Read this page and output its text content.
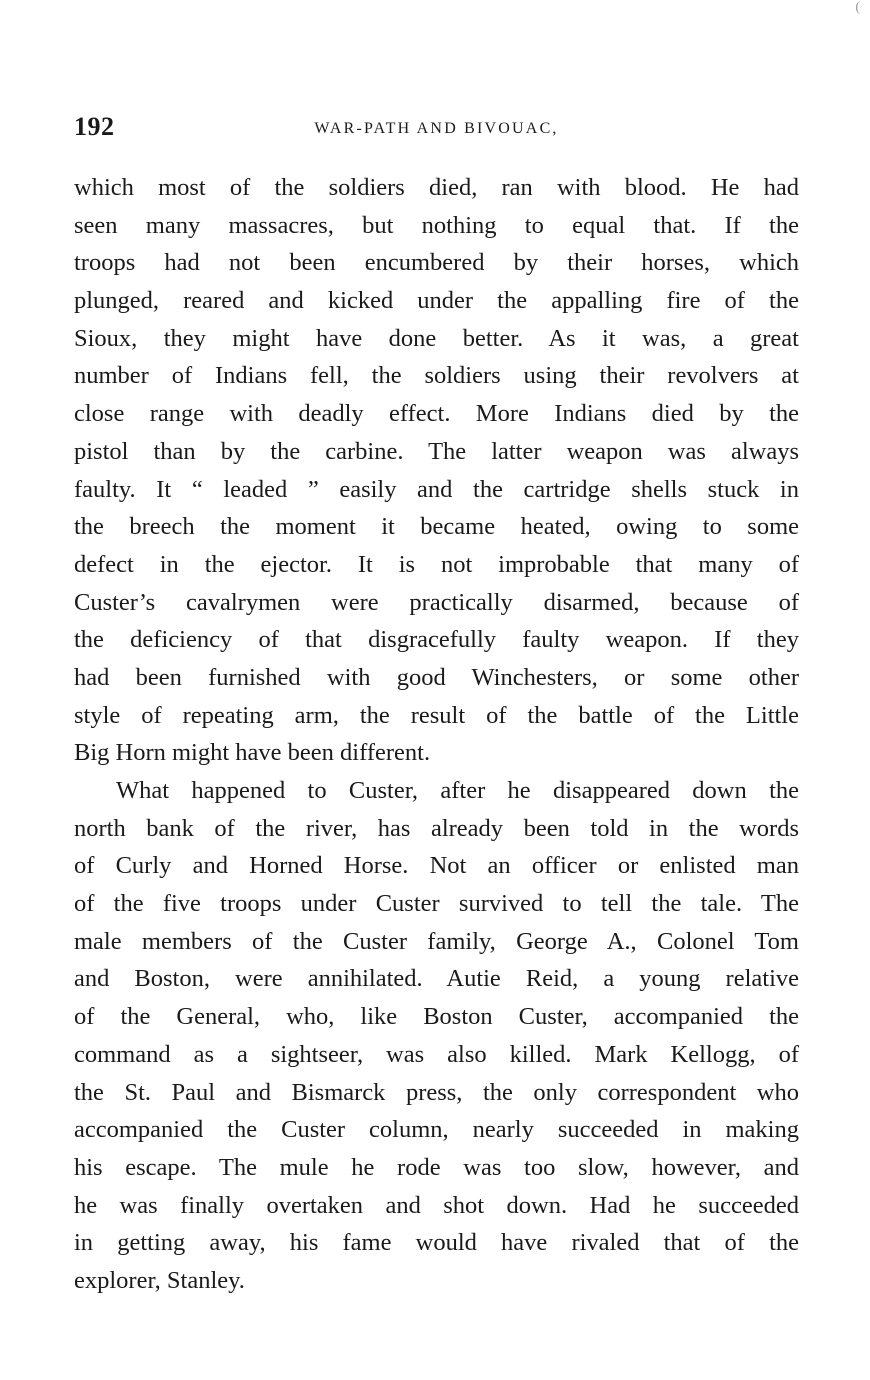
(
192	WAR-PATH AND BIVOUAC,
which most of the soldiers died, ran with blood. He had
seen many massacres, but nothing to equal that. If the
troops had not been encumbered by their horses, which
plunged, reared and kicked under the appalling fire of the
Sioux, they might have done better. As it was, a great
number of Indians fell, the soldiers using their revolvers at
close range with deadly effect. More Indians died by the
pistol than by the carbine. The latter weapon was always
faulty. It “ leaded ” easily and the cartridge shells stuck in
the breech the moment it became heated, owing to some
defect in the ejector. It is not improbable that many of
Custer’s cavalrymen were practically disarmed, because of
the deficiency of that disgracefully faulty weapon. If they
had been furnished with good Winchesters, or some other
style of repeating arm, the result of the battle of the Little
Big Horn might have been different.
What happened to Custer, after he disappeared down the
north bank of the river, has already been told in the words
of Curly and Horned Horse. Not an officer or enlisted man
of the five troops under Custer survived to tell the tale. The
male members of the Custer family, George A., Colonel Tom
and Boston, were annihilated. Autie Reid, a young relative
of the General, who, like Boston Custer, accompanied the
command as a sightseer, was also killed. Mark Kellogg, of
the St. Paul and Bismarck press, the only correspondent who
accompanied the Custer column, nearly succeeded in making
his escape. The mule he rode was too slow, however, and
he was finally overtaken and shot down. Had he succeeded
in getting away, his fame would have rivaled that of the
explorer, Stanley.
